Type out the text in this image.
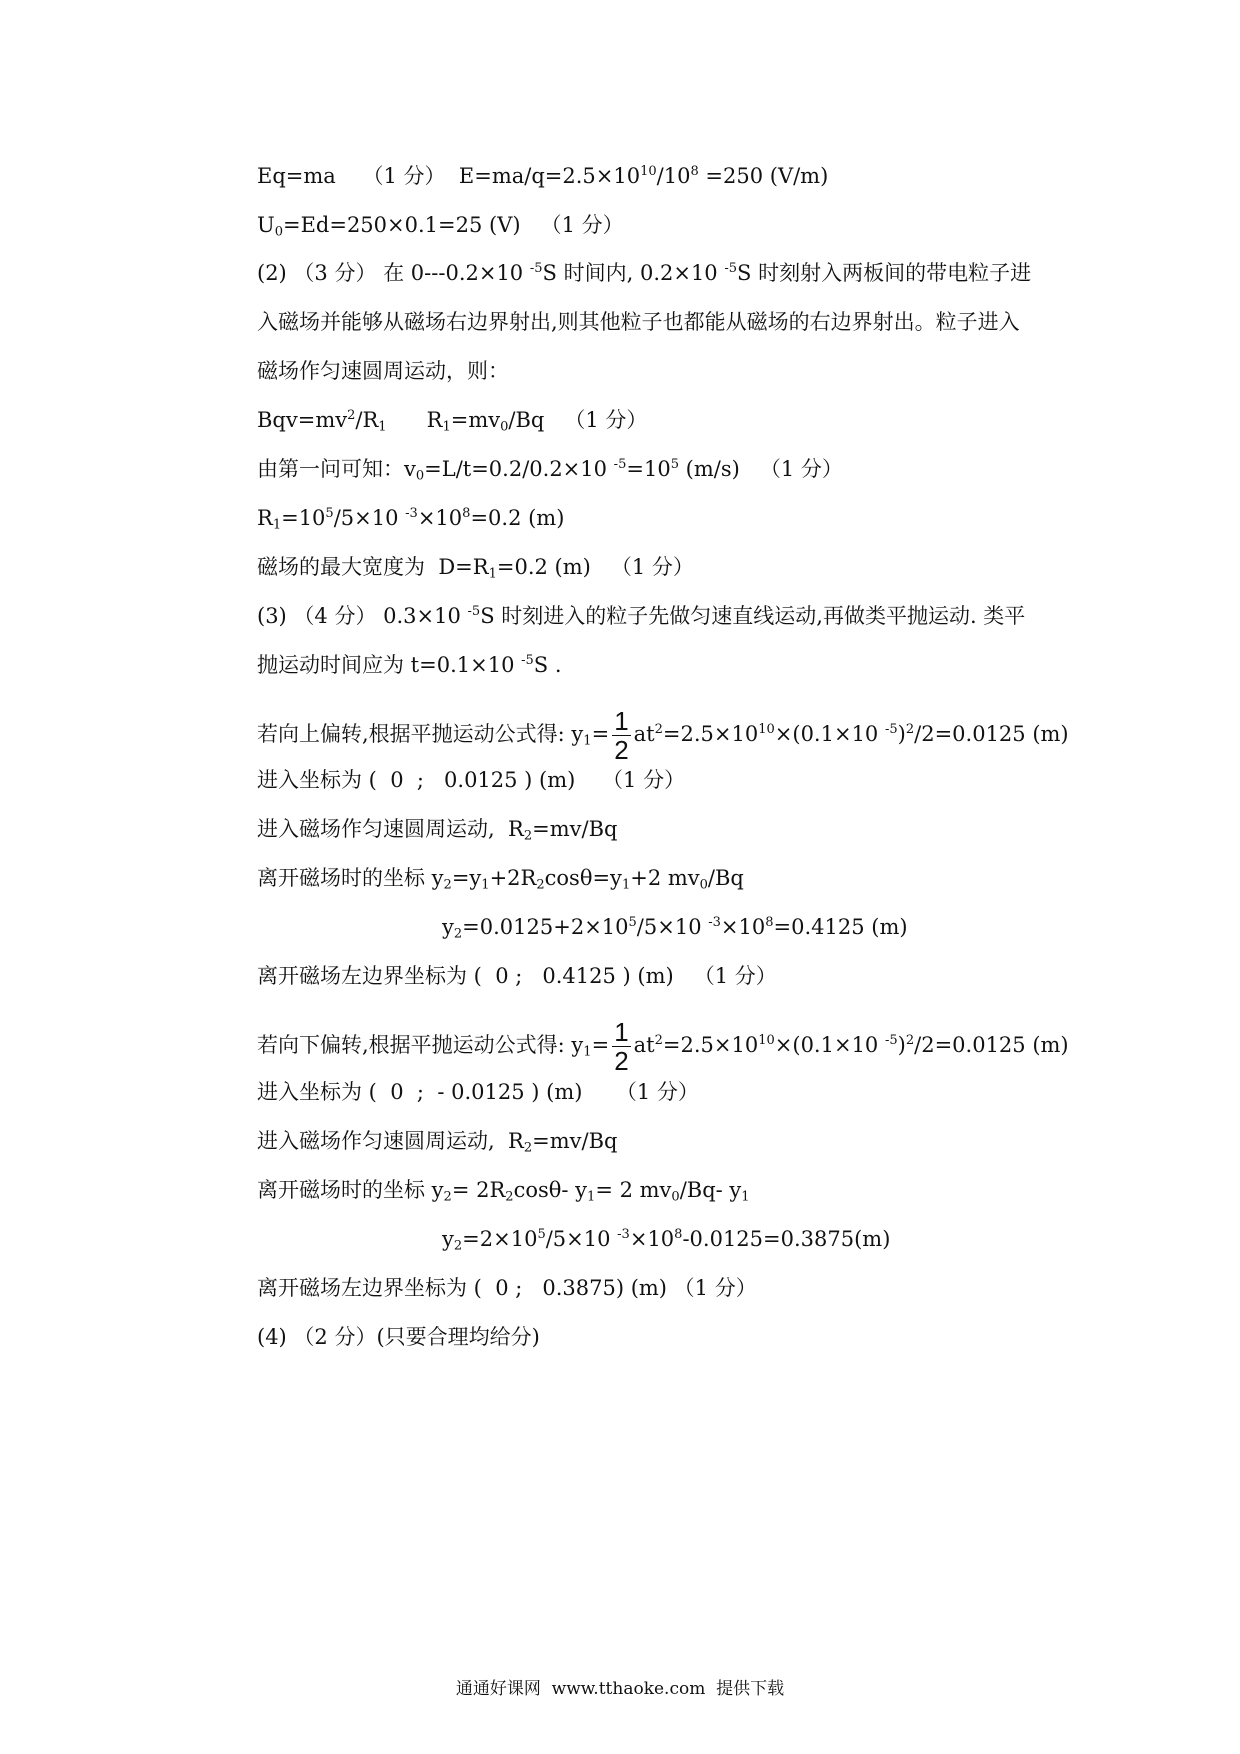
Eq=ma    （1 分）  $E=ma/q=2.5\times 10^{10}/10^8 =250$ (V/m)
$U_0=Ed=250\times 0.1=25$ (V)   （1 分）
(2) （3 分） 在 0---0.2×10 $^{-5}$S 时间内, 0.2×10 $^{-5}$S 时刻射入两板间的带电粒子进
入磁场并能够从磁场右边界射出,则其他粒子也都能从磁场的右边界射出。粒子进入
磁场作匀速圆周运动，则：
$Bqv=mv^2/R_1$      $R_1=mv_0/Bq$   （1 分）
由第一问可知：$v_0=L/t=0.2/0.2\times 10$ $^{-5}=10^5$ (m/s)   （1 分）
$R_1=10^5/5\times 10$ $^{-3}\times 10^8=0.2$ (m)
磁场的最大宽度为  $D=R_1=0.2$ (m)   （1 分）
(3) （4 分） 0.3×10 $^{-5}$S 时刻进入的粒子先做匀速直线运动,再做类平抛运动. 类平
抛运动时间应为 t=0.1×10 $^{-5}$S .
若向上偏转,根据平抛运动公式得: $y_1= \frac{1}{2} at^2=2.5\times 10^{10}\times(0.1\times 10$ $^{-5}$)$^2$/2=0.0125 (m)
进入坐标为 (  0  ;   0.0125 ) (m)    （1 分）
进入磁场作匀速圆周运动,  $R_2=mv/Bq$
离开磁场时的坐标 $y_2=y_1+2R_2\cos\theta=y_1+2$ $mv_0/Bq$
$y_2=0.0125+2\times 10^5/5\times 10$ $^{-3}\times 10^8=0.4125$ (m)
离开磁场左边界坐标为 (  0 ;   0.4125 ) (m)   （1 分）
若向下偏转,根据平抛运动公式得: $y_1= \frac{1}{2} at^2=2.5\times 10^{10}\times(0.1\times 10$ $^{-5}$)$^2$/2=0.0125 (m)
进入坐标为 (  0  ;  - 0.0125 ) (m)     （1 分）
进入磁场作匀速圆周运动,  $R_2=mv/Bq$
离开磁场时的坐标 $y_2= 2R_2\cos\theta-$ $y_1= 2$ $mv_0/Bq-$ $y_1$
$y_2=2\times 10^5/5\times 10$ $^{-3}\times 10^8-0.0125=0.3875(m)$
离开磁场左边界坐标为 (  0 ;   0.3875) (m) （1 分）
(4) （2 分）(只要合理均给分)
通通好课网  www.tthaoke.com  提供下载
